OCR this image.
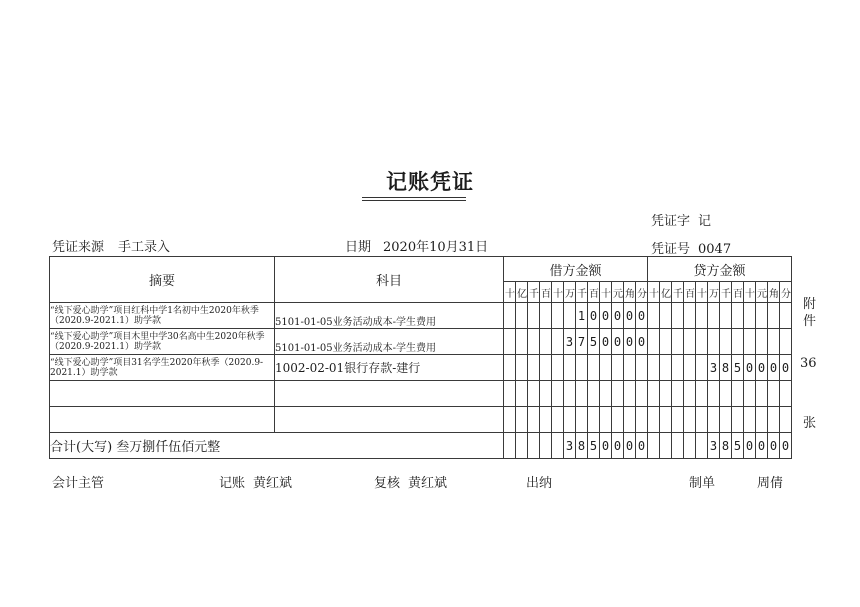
记账凭证
凭证字 记
凭证来源 手工录入	日期 2020年10月31日	凭证号 0047
摘要	科目	借方金额												贷方金额											
		十	亿	千	百	十	万	千	百	十	元	角	分	十	亿	千	百	十	万	千	百	十	元	角	分
“线下爱心助学”项目红科中学1名初中生2020年秋季（2020.9-2021.1）助学款	5101-01-05业务活动成本-学生费用							1	0	0	0	0	0												
“线下爱心助学”项目木里中学30名高中生2020年秋季（2020.9-2021.1）助学款	5101-01-05业务活动成本-学生费用						3	7	5	0	0	0	0												
“线下爱心助学”项目31名学生2020年秋季（2020.9-2021.1）助学款	1002-02-01银行存款-建行																		3	8	5	0	0	0	0

合计(大写) 叁万捌仟伍佰元整							3	8	5	0	0	0	0						3	8	5	0	0	0	0
附
件
36
张
会计主管	记账 黄红斌	复核 黄红斌	出纳	制单	周倩
